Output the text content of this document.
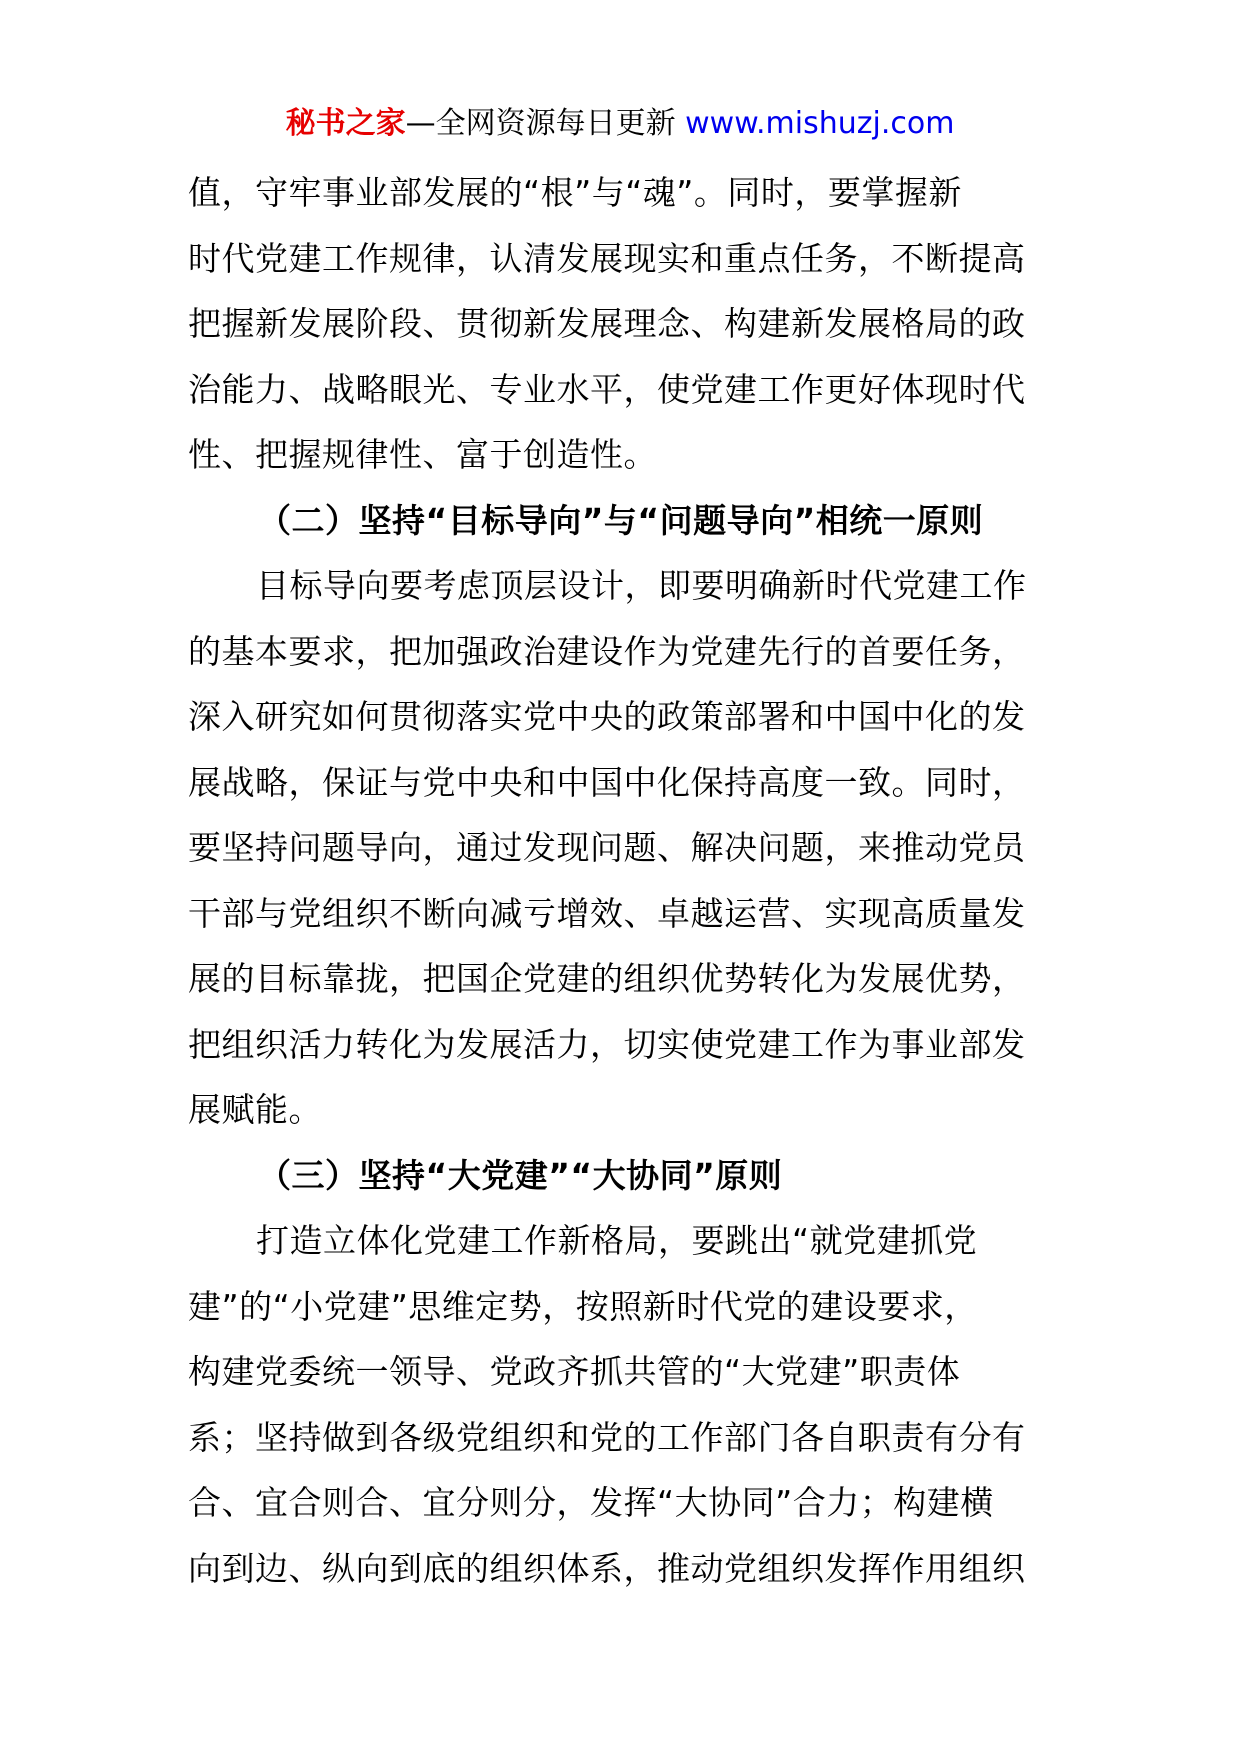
秘书之家—全网资源每日更新 www.mishuzj.com
值，守牢事业部发展的“根”与“魂”。同时，要掌握新
时代党建工作规律，认清发展现实和重点任务，不断提高
把握新发展阶段、贯彻新发展理念、构建新发展格局的政
治能力、战略眼光、专业水平，使党建工作更好体现时代
性、把握规律性、富于创造性。
（二）坚持“目标导向”与“问题导向”相统一原则
目标导向要考虑顶层设计，即要明确新时代党建工作
的基本要求，把加强政治建设作为党建先行的首要任务，
深入研究如何贯彻落实党中央的政策部署和中国中化的发
展战略，保证与党中央和中国中化保持高度一致。同时，
要坚持问题导向，通过发现问题、解决问题，来推动党员
干部与党组织不断向减亏增效、卓越运营、实现高质量发
展的目标靠拢，把国企党建的组织优势转化为发展优势，
把组织活力转化为发展活力，切实使党建工作为事业部发
展赋能。
（三）坚持“大党建”“大协同”原则
打造立体化党建工作新格局，要跳出“就党建抓党
建”的“小党建”思维定势，按照新时代党的建设要求，
构建党委统一领导、党政齐抓共管的“大党建”职责体
系；坚持做到各级党组织和党的工作部门各自职责有分有
合、宜合则合、宜分则分，发挥“大协同”合力；构建横
向到边、纵向到底的组织体系，推动党组织发挥作用组织
